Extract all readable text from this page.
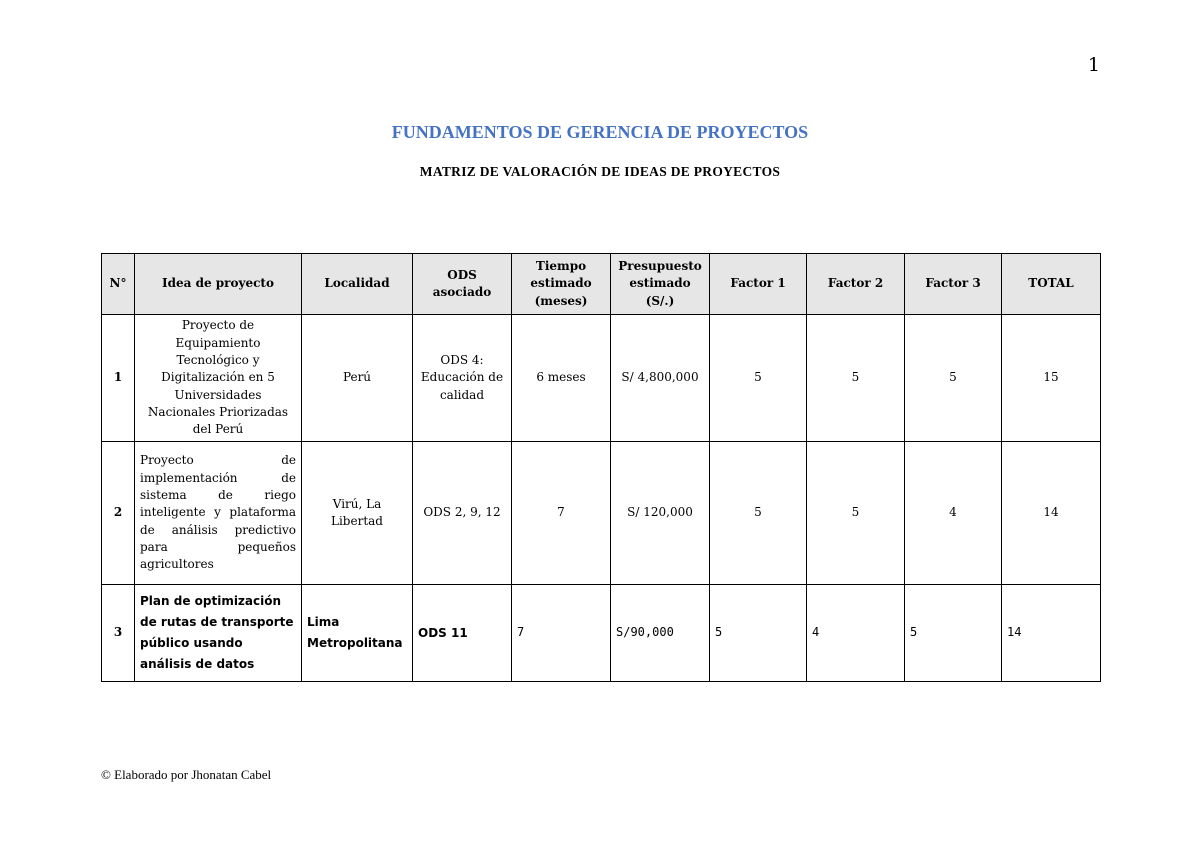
1
FUNDAMENTOS DE GERENCIA DE PROYECTOS
MATRIZ DE VALORACIÓN DE IDEAS DE PROYECTOS
N°	Idea de proyecto	Localidad	ODS asociado	Tiempo estimado (meses)	Presupuesto estimado (S/.)	Factor 1	Factor 2	Factor 3	TOTAL
1	Proyecto de Equipamiento Tecnológico y Digitalización en 5 Universidades Nacionales Priorizadas del Perú	Perú	ODS 4: Educación de calidad	6 meses	S/ 4,800,000	5	5	5	15
2	Proyecto de implementación de sistema de riego inteligente y plataforma de análisis predictivo para pequeños agricultores	Virú, La Libertad	ODS 2, 9, 12	7	S/ 120,000	5	5	4	14
3	Plan de optimización de rutas de transporte público usando análisis de datos	Lima Metropolitana	ODS 11	7	S/90,000	5	4	5	14
© Elaborado por Jhonatan Cabel
